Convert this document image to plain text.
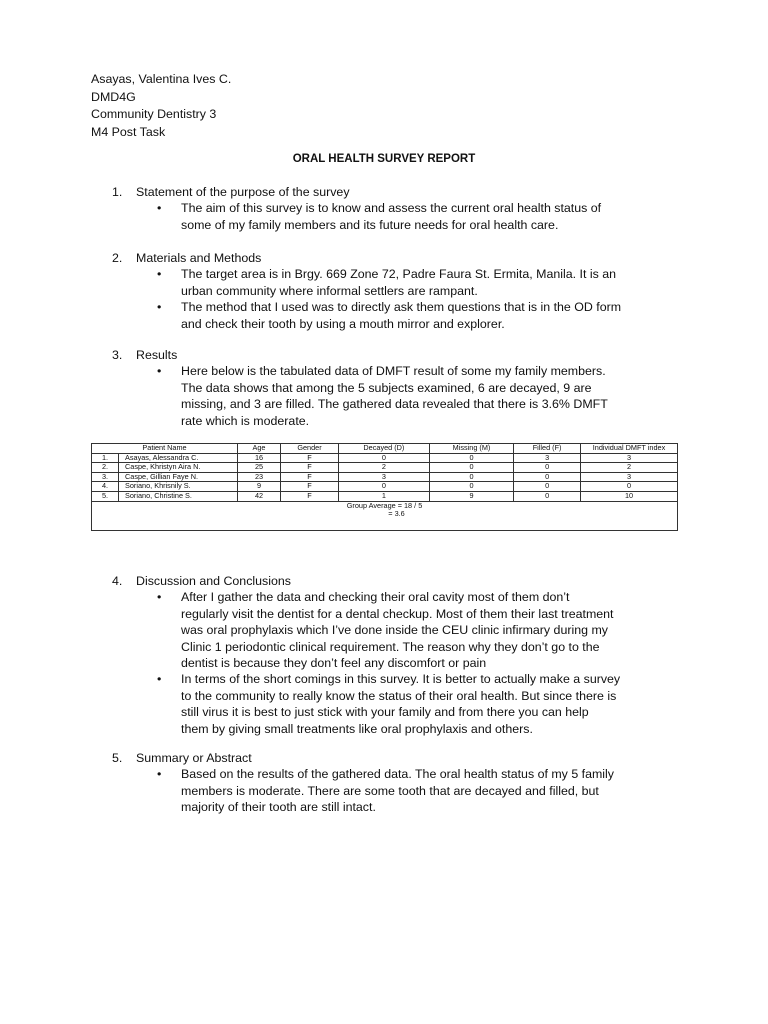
Asayas, Valentina Ives C.
DMD4G
Community Dentistry 3
M4 Post Task
ORAL HEALTH SURVEY REPORT
1.	Statement of the purpose of the survey
• The aim of this survey is to know and assess the current oral health status of
some of my family members and its future needs for oral health care.
2.	Materials and Methods
• The target area is in Brgy. 669 Zone 72, Padre Faura St. Ermita, Manila. It is an
urban community where informal settlers are rampant.
• The method that I used was to directly ask them questions that is in the OD form
and check their tooth by using a mouth mirror and explorer.
3.	Results
• Here below is the tabulated data of DMFT result of some my family members.
The data shows that among the 5 subjects examined, 6 are decayed, 9 are
missing, and 3 are filled. The gathered data revealed that there is 3.6% DMFT
rate which is moderate.
Patient Name		Age	Gender	Decayed (D)	Missing (M)	Filled (F)	Individual DMFT index
1.	Asayas, Alessandra C.	16	F	0	0	3	3
2.	Caspe, Khristyn Aira N.	25	F	2	0	0	2
3.	Caspe, Gillian Faye N.	23	F	3	0	0	3
4.	Soriano, Khrisnily S.	9	F	0	0	0	0
5.	Soriano, Christine S.	42	F	1	9	0	10

Group Average = 18 / 5
= 3.6							
4.	Discussion and Conclusions
• After I gather the data and checking their oral cavity most of them don’t
regularly visit the dentist for a dental checkup. Most of them their last treatment
was oral prophylaxis which I’ve done inside the CEU clinic infirmary during my
Clinic 1 periodontic clinical requirement. The reason why they don’t go to the
dentist is because they don’t feel any discomfort or pain
• In terms of the short comings in this survey. It is better to actually make a survey
to the community to really know the status of their oral health. But since there is
still virus it is best to just stick with your family and from there you can help
them by giving small treatments like oral prophylaxis and others.
5.	Summary or Abstract
• Based on the results of the gathered data. The oral health status of my 5 family
members is moderate. There are some tooth that are decayed and filled, but
majority of their tooth are still intact.
